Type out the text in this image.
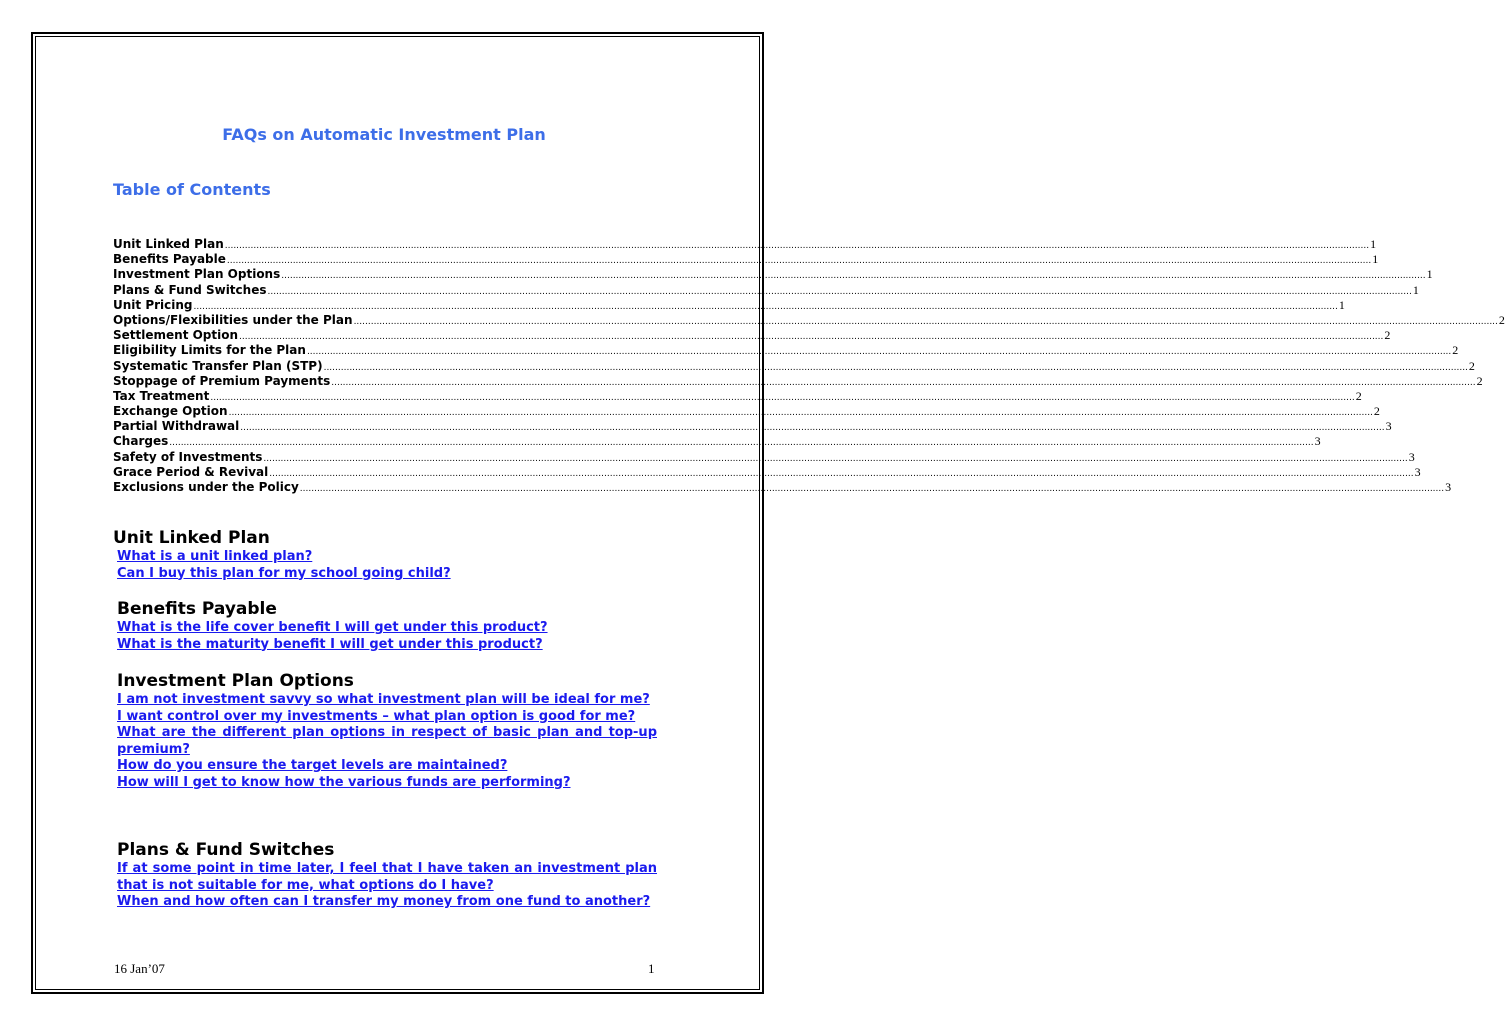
FAQs on Automatic Investment Plan
Table of Contents
Unit Linked Plan ................................................................................................................................................................................................................................................................................................................................................................................................................ 1
Benefits Payable ................................................................................................................................................................................................................................................................................................................................................................................................................ 1
Investment Plan Options ................................................................................................................................................................................................................................................................................................................................................................................................................ 1
Plans & Fund Switches ................................................................................................................................................................................................................................................................................................................................................................................................................ 1
Unit Pricing ................................................................................................................................................................................................................................................................................................................................................................................................................ 1
Options/Flexibilities under the Plan ................................................................................................................................................................................................................................................................................................................................................................................................................ 2
Settlement Option ................................................................................................................................................................................................................................................................................................................................................................................................................ 2
Eligibility Limits for the Plan ................................................................................................................................................................................................................................................................................................................................................................................................................ 2
Systematic Transfer Plan (STP) ................................................................................................................................................................................................................................................................................................................................................................................................................ 2
Stoppage of Premium Payments ................................................................................................................................................................................................................................................................................................................................................................................................................ 2
Tax Treatment ................................................................................................................................................................................................................................................................................................................................................................................................................ 2
Exchange Option ................................................................................................................................................................................................................................................................................................................................................................................................................ 2
Partial Withdrawal ................................................................................................................................................................................................................................................................................................................................................................................................................ 3
Charges ................................................................................................................................................................................................................................................................................................................................................................................................................ 3
Safety of Investments ................................................................................................................................................................................................................................................................................................................................................................................................................ 3
Grace Period & Revival ................................................................................................................................................................................................................................................................................................................................................................................................................ 3
Exclusions under the Policy ................................................................................................................................................................................................................................................................................................................................................................................................................ 3
Unit Linked Plan
What is a unit linked plan?
Can I buy this plan for my school going child?
Benefits Payable
What is the life cover benefit I will get under this product?
What is the maturity benefit I will get under this product?
Investment Plan Options
I am not investment savvy so what investment plan will be ideal for me?
I want control over my investments – what plan option is good for me?
What are the different plan options in respect of basic plan and top-up premium?
How do you ensure the target levels are maintained?
How will I get to know how the various funds are performing?
Plans & Fund Switches
If at some point in time later, I feel that I have taken an investment plan that is not suitable for me, what options do I have?
When and how often can I transfer my money from one fund to another?
16 Jan’07	1
